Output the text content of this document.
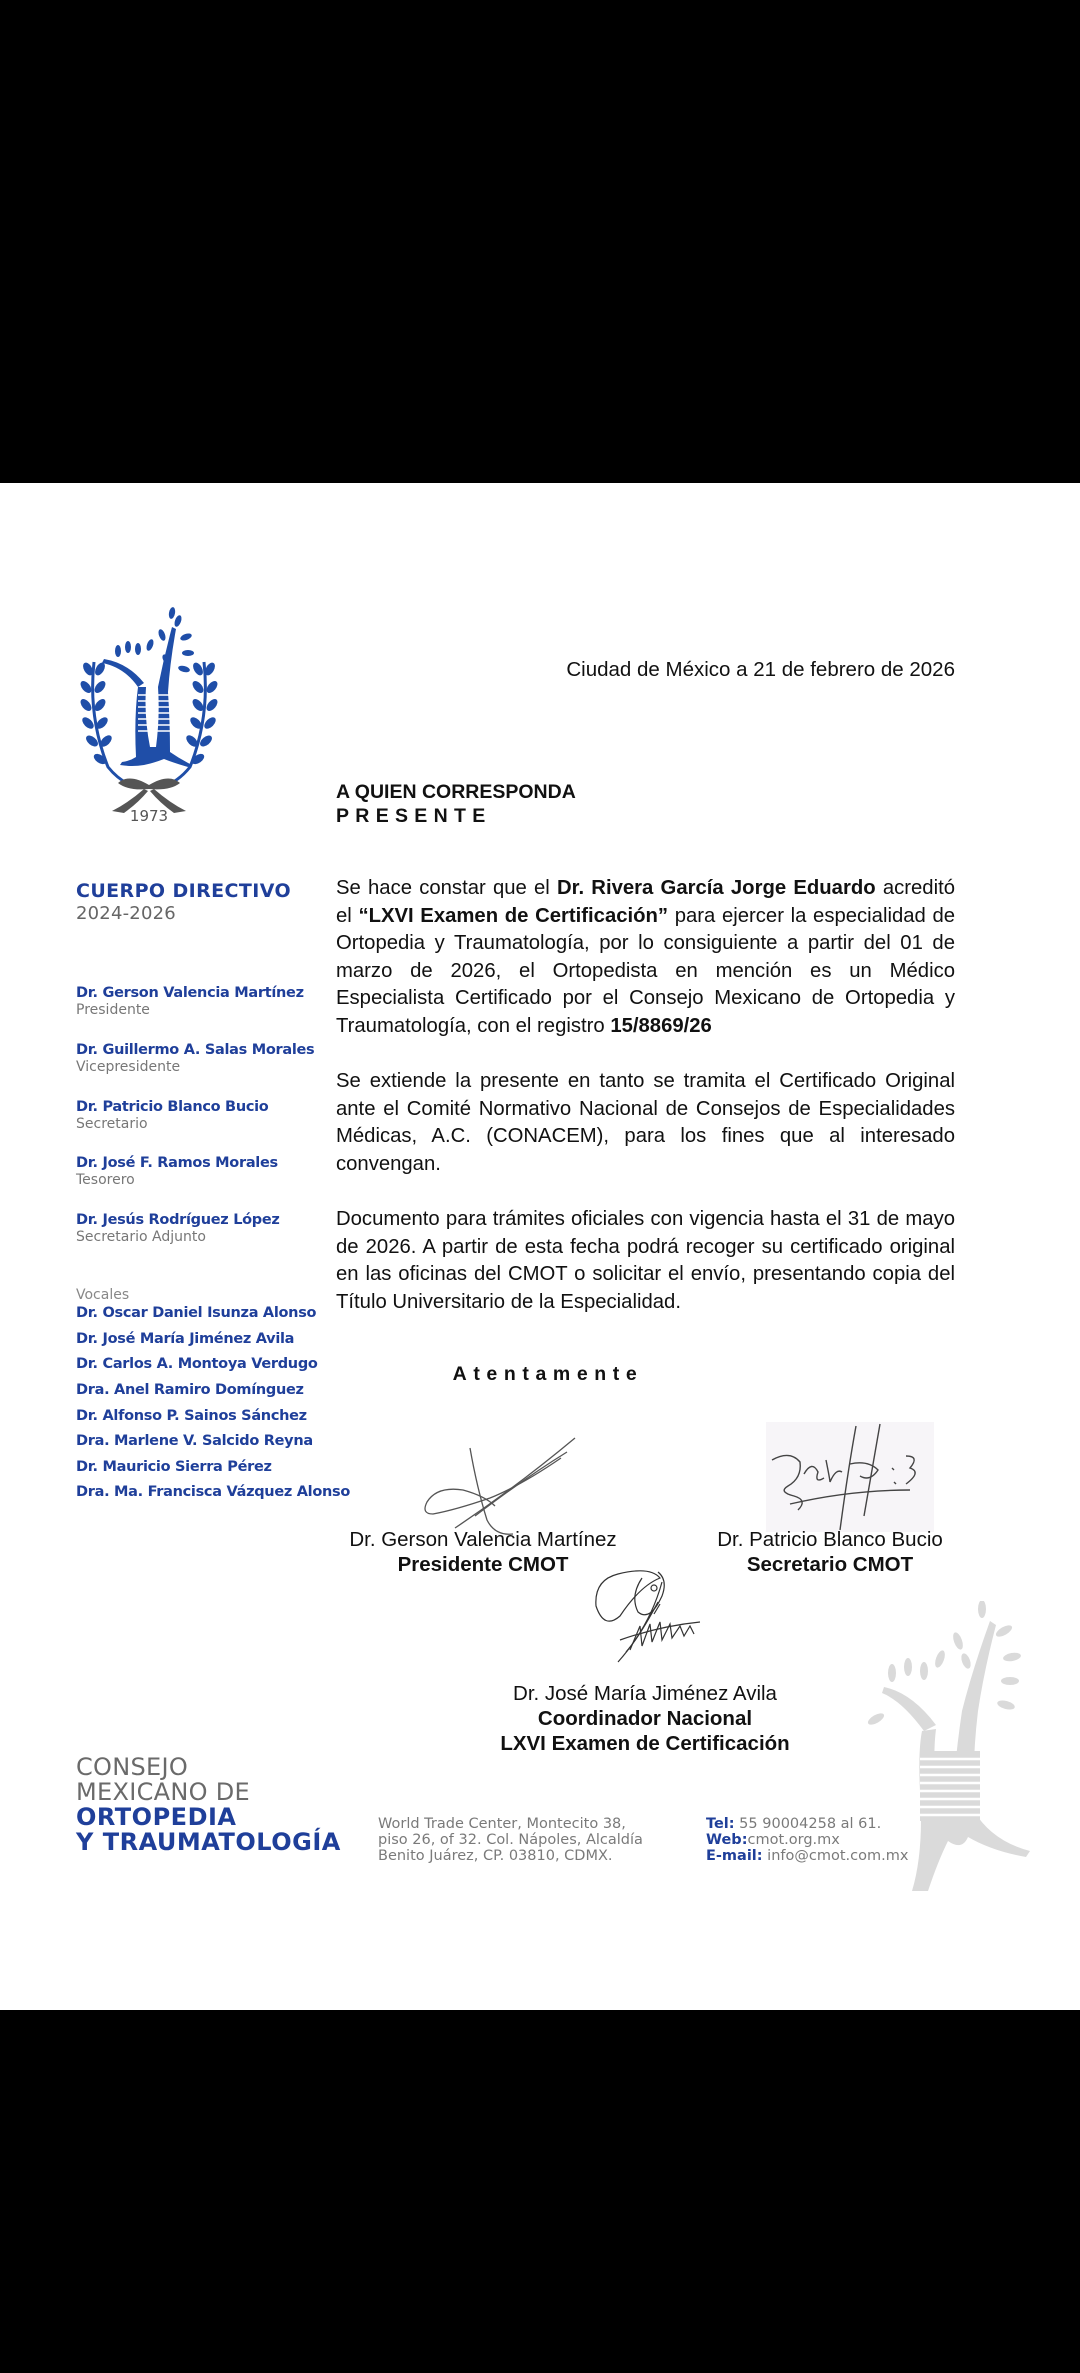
1973
CUERPO DIRECTIVO
2024-2026
Dr. Gerson Valencia Martínez
Presidente
Dr. Guillermo A. Salas Morales
Vicepresidente
Dr. Patricio Blanco Bucio
Secretario
Dr. José F. Ramos Morales
Tesorero
Dr. Jesús Rodríguez López
Secretario Adjunto
Vocales
Dr. Oscar Daniel Isunza Alonso
Dr. José María Jiménez Avila
Dr. Carlos A. Montoya Verdugo
Dra. Anel Ramiro Domínguez
Dr. Alfonso P. Sainos Sánchez
Dra. Marlene V. Salcido Reyna
Dr. Mauricio Sierra Pérez
Dra. Ma. Francisca Vázquez Alonso
Ciudad de México a 21 de febrero de 2026
A QUIEN CORRESPONDA
PRESENTE
Se hace constar que el Dr. Rivera García Jorge Eduardo acreditó el “LXVI Examen de Certificación” para ejercer la especialidad de Ortopedia y Traumatología, por lo consiguiente a partir del 01 de marzo de 2026, el Ortopedista en mención es un Médico Especialista Certificado por el Consejo Mexicano de Ortopedia y Traumatología, con el registro 15/8869/26
Se extiende la presente en tanto se tramita el Certificado Original ante el Comité Normativo Nacional de Consejos de Especialidades Médicas, A.C. (CONACEM), para los fines que al interesado convengan.
Documento para trámites oficiales con vigencia hasta el 31 de mayo de 2026. A partir de esta fecha podrá recoger su certificado original en las oficinas del CMOT o solicitar el envío, presentando copia del Título Universitario de la Especialidad.
Atentamente
Dr. Gerson Valencia Martínez
Presidente CMOT
Dr. Patricio Blanco Bucio
Secretario CMOT
Dr. José María Jiménez Avila
Coordinador Nacional
LXVI Examen de Certificación
CONSEJO
MEXICANO DE
ORTOPEDIA
Y TRAUMATOLOGÍA
World Trade Center, Montecito 38,
piso 26, of 32. Col. Nápoles, Alcaldía
Benito Juárez, CP. 03810, CDMX.
Tel: 55 90004258 al 61.
Web:cmot.org.mx
E-mail: info@cmot.com.mx
